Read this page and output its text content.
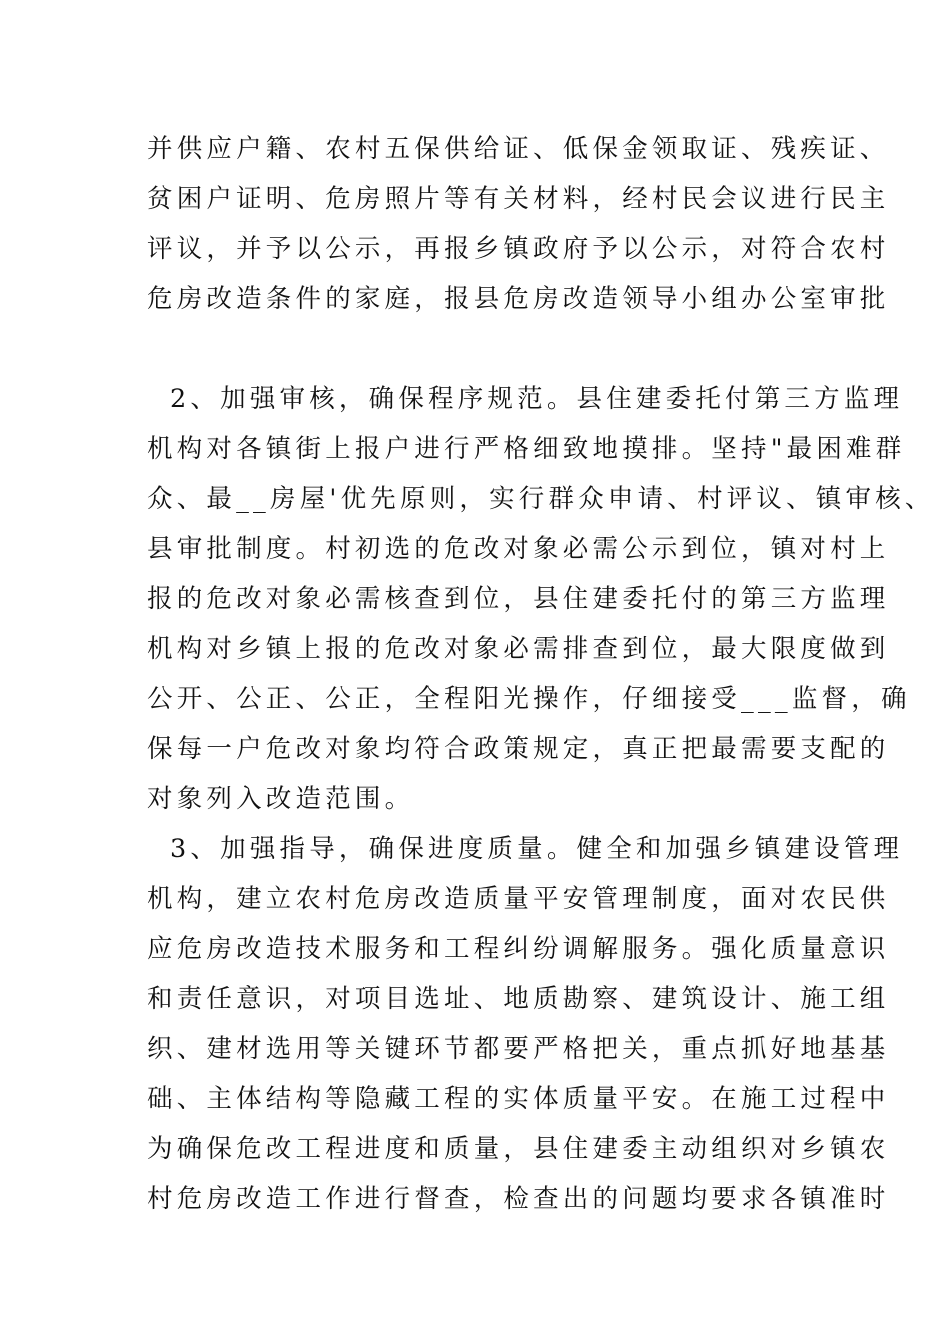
并供应户籍、农村五保供给证、低保金领取证、残疾证、
贫困户证明、危房照片等有关材料，经村民会议进行民主
评议，并予以公示，再报乡镇政府予以公示，对符合农村
危房改造条件的家庭，报县危房改造领导小组办公室审批
2、加强审核，确保程序规范。县住建委托付第三方监理
机构对各镇街上报户进行严格细致地摸排。坚持"最困难群
众、最__房屋'优先原则，实行群众申请、村评议、镇审核、
县审批制度。村初选的危改对象必需公示到位，镇对村上
报的危改对象必需核查到位，县住建委托付的第三方监理
机构对乡镇上报的危改对象必需排查到位，最大限度做到
公开、公正、公正，全程阳光操作，仔细接受___监督，确
保每一户危改对象均符合政策规定，真正把最需要支配的
对象列入改造范围。
3、加强指导，确保进度质量。健全和加强乡镇建设管理
机构，建立农村危房改造质量平安管理制度，面对农民供
应危房改造技术服务和工程纠纷调解服务。强化质量意识
和责任意识，对项目选址、地质勘察、建筑设计、施工组
织、建材选用等关键环节都要严格把关，重点抓好地基基
础、主体结构等隐藏工程的实体质量平安。在施工过程中
为确保危改工程进度和质量，县住建委主动组织对乡镇农
村危房改造工作进行督查，检查出的问题均要求各镇准时
